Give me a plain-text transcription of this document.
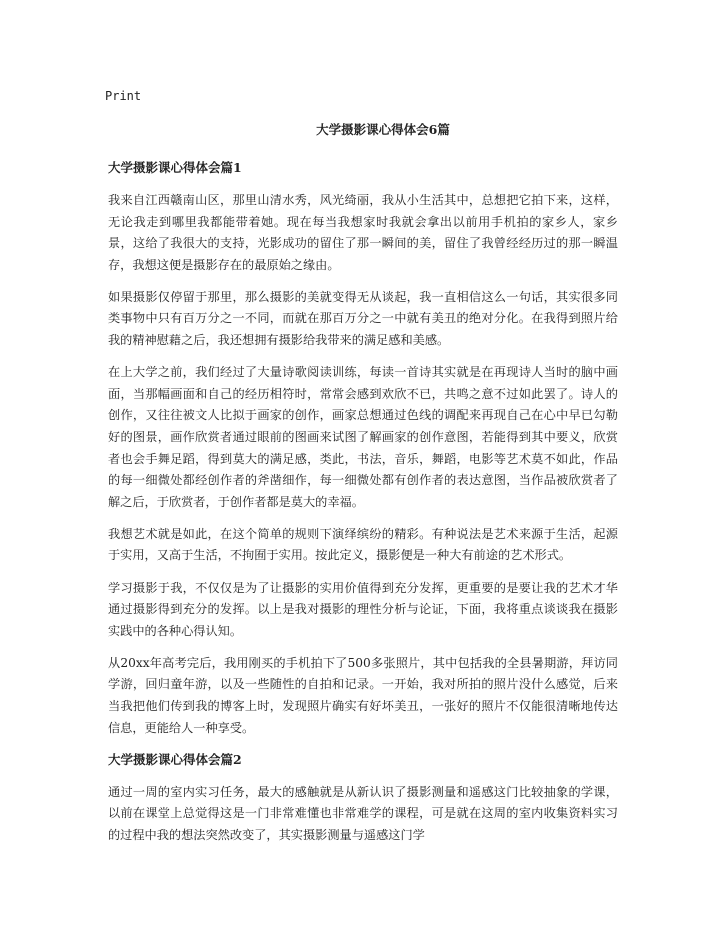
Print
大学摄影课心得体会6篇
大学摄影课心得体会篇1

我来自江西赣南山区，那里山清水秀，风光绮丽，我从小生活其中，总想把它拍下来，这样，无论我走到哪里我都能带着她。现在每当我想家时我就会拿出以前用手机拍的家乡人，家乡景，这给了我很大的支持，光影成功的留住了那一瞬间的美，留住了我曾经经历过的那一瞬温存，我想这便是摄影存在的最原始之缘由。

如果摄影仅停留于那里，那么摄影的美就变得无从谈起，我一直相信这么一句话，其实很多同类事物中只有百万分之一不同，而就在那百万分之一中就有美丑的绝对分化。在我得到照片给我的精神慰藉之后，我还想拥有摄影给我带来的满足感和美感。

在上大学之前，我们经过了大量诗歌阅读训练，每读一首诗其实就是在再现诗人当时的脑中画面，当那幅画面和自己的经历相符时，常常会感到欢欣不已，共鸣之意不过如此罢了。诗人的创作，又往往被文人比拟于画家的创作，画家总想通过色线的调配来再现自己在心中早已勾勒好的图景，画作欣赏者通过眼前的图画来试图了解画家的创作意图，若能得到其中要义，欣赏者也会手舞足蹈，得到莫大的满足感，类此，书法，音乐，舞蹈，电影等艺术莫不如此，作品的每一细微处都经创作者的斧凿细作，每一细微处都有创作者的表达意图，当作品被欣赏者了解之后，于欣赏者，于创作者都是莫大的幸福。

我想艺术就是如此，在这个简单的规则下演绎缤纷的精彩。有种说法是艺术来源于生活，起源于实用，又高于生活，不拘囿于实用。按此定义，摄影便是一种大有前途的艺术形式。

学习摄影于我，不仅仅是为了让摄影的实用价值得到充分发挥，更重要的是要让我的艺术才华通过摄影得到充分的发挥。以上是我对摄影的理性分析与论证，下面，我将重点谈谈我在摄影实践中的各种心得认知。

从20xx年高考完后，我用刚买的手机拍下了500多张照片，其中包括我的全县暑期游，拜访同学游，回归童年游，以及一些随性的自拍和记录。一开始，我对所拍的照片没什么感觉，后来当我把他们传到我的博客上时，发现照片确实有好坏美丑，一张好的照片不仅能很清晰地传达信息，更能给人一种享受。

大学摄影课心得体会篇2

通过一周的室内实习任务，最大的感触就是从新认识了摄影测量和遥感这门比较抽象的学课，以前在课堂上总觉得这是一门非常难懂也非常难学的课程，可是就在这周的室内收集资料实习的过程中我的想法突然改变了，其实摄影测量与遥感这门学
